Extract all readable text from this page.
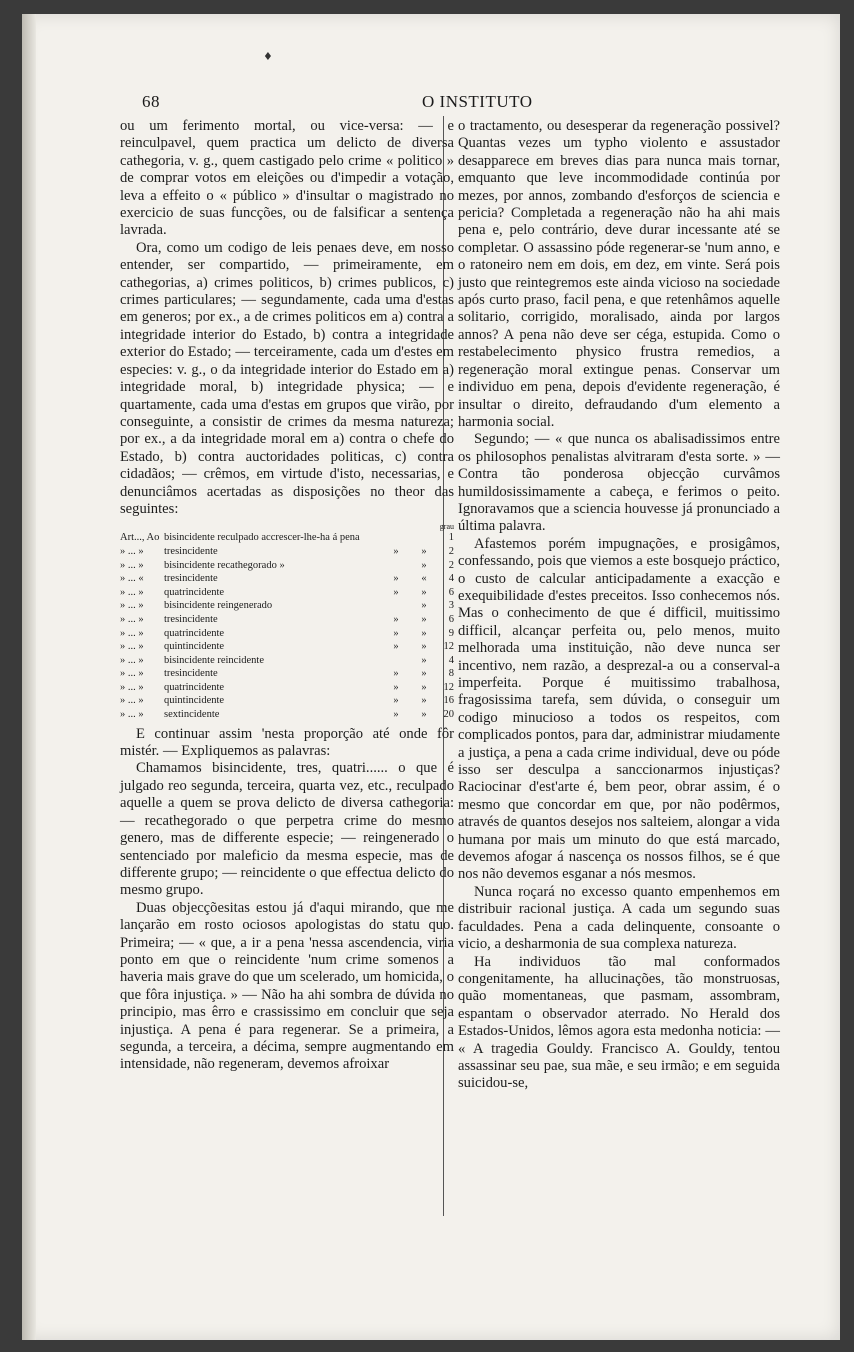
♦
68	O INSTITUTO

ou um ferimento mortal, ou vice-versa: — e reinculpavel, quem practica um delicto de diversa cathegoria, v. g., quem castigado pelo crime « politico » de comprar votos em eleições ou d'impedir a votação, leva a effeito o « público » d'insultar o magistrado no exercicio de suas funcções, ou de falsificar a sentença lavrada.

Ora, como um codigo de leis penaes deve, em nosso entender, ser compartido, — primeiramente, em cathegorias, a) crimes politicos, b) crimes publicos, c) crimes particulares; — segundamente, cada uma d'estas em generos; por ex., a de crimes politicos em a) contra a integridade interior do Estado, b) contra a integridade exterior do Estado; — terceiramente, cada um d'estes em especies: v. g., o da integridade interior do Estado em a) integridade moral, b) integridade physica; — e quartamente, cada uma d'estas em grupos que virão, por conseguinte, a consistir de crimes da mesma natureza; por ex., a da integridade moral em a) contra o chefe do Estado, b) contra auctoridades politicas, c) contra cidadãos; — crêmos, em virtude d'isto, necessarias, e denunciâmos acertadas as disposições no theor das seguintes:

grau
Art..., Ao	bisincidente reculpado accrescer-lhe-ha á pena			1
» ... »	tresincidente	»	»	2
» ... »	bisincidente recathegorado »		»	2
» ... «	tresincidente	»	«	4
» ... »	quatrincidente	»	»	6
» ... »	bisincidente reingenerado		»	3
» ... »	tresincidente	»	»	6
» ... »	quatrincidente	»	»	9
» ... »	quintincidente	»	»	12
» ... »	bisincidente reincidente		»	4
» ... »	tresincidente	»	»	8
» ... »	quatrincidente	»	»	12
» ... »	quintincidente	»	»	16
» ... »	sextincidente	»	»	20

E continuar assim 'nesta proporção até onde fôr mistér. — Expliquemos as palavras:

Chamamos bisincidente, tres, quatri...... o que é julgado reo segunda, terceira, quarta vez, etc., reculpado aquelle a quem se prova delicto de diversa cathegoria: — recathegorado o que perpetra crime do mesmo genero, mas de differente especie; — reingenerado o sentenciado por maleficio da mesma especie, mas de differente grupo; — reincidente o que effectua delicto do mesmo grupo.

Duas objecçõesitas estou já d'aqui mirando, que me lançarão em rosto ociosos apologistas do statu quo. Primeira; — « que, a ir a pena 'nessa ascendencia, viria ponto em que o reincidente 'num crime somenos a haveria mais grave do que um scelerado, um homicida, o que fôra injustiça. » — Não ha ahi sombra de dúvida no principio, mas êrro e crassissimo em concluir que seja injustiça. A pena é para regenerar. Se a primeira, a segunda, a terceira, a décima, sempre augmentando em intensidade, não regeneram, devemos afroixar

o tractamento, ou desesperar da regeneração possivel? Quantas vezes um typho violento e assustador desapparece em breves dias para nunca mais tornar, emquanto que leve incommodidade continúa por mezes, por annos, zombando d'esforços de sciencia e pericia? Completada a regeneração não ha ahi mais pena e, pelo contrário, deve durar incessante até se completar. O assassino póde regenerar-se 'num anno, e o ratoneiro nem em dois, em dez, em vinte. Será pois justo que reintegremos este ainda vicioso na sociedade após curto praso, facil pena, e que retenhâmos aquelle solitario, corrigido, moralisado, ainda por largos annos? A pena não deve ser céga, estupida. Como o restabelecimento physico frustra remedios, a regeneração moral extingue penas. Conservar um individuo em pena, depois d'evidente regeneração, é insultar o direito, defraudando d'um elemento a harmonia social.

Segundo; — « que nunca os abalisadissimos entre os philosophos penalistas alvitraram d'esta sorte. » — Contra tão ponderosa objecção curvâmos humildosissimamente a cabeça, e ferimos o peito. Ignoravamos que a sciencia houvesse já pronunciado a última palavra.

Afastemos porém impugnações, e prosigâmos, confessando, pois que viemos a este bosquejo práctico, o custo de calcular anticipadamente a exacção e exequibilidade d'estes preceitos. Isso conhecemos nós. Mas o conhecimento de que é difficil, muitissimo difficil, alcançar perfeita ou, pelo menos, muito melhorada uma instituição, não deve nunca ser incentivo, nem razão, a desprezal-a ou a conserval-a imperfeita. Porque é muitissimo trabalhosa, fragosissima tarefa, sem dúvida, o conseguir um codigo minucioso a todos os respeitos, com complicados pontos, para dar, administrar miudamente a justiça, a pena a cada crime individual, deve ou póde isso ser desculpa a sanccionarmos injustiças? Raciocinar d'est'arte é, bem peor, obrar assim, é o mesmo que concordar em que, por não podêrmos, através de quantos desejos nos salteiem, alongar a vida humana por mais um minuto do que está marcado, devemos afogar á nascença os nossos filhos, se é que nos não devemos esganar a nós mesmos.

Nunca roçará no excesso quanto empenhemos em distribuir racional justiça. A cada um segundo suas faculdades. Pena a cada delinquente, consoante o vicio, a desharmonia de sua complexa natureza.

Ha individuos tão mal conformados congenitamente, ha allucinações, tão monstruosas, quão momentaneas, que pasmam, assombram, espantam o observador aterrado. No Herald dos Estados-Unidos, lêmos agora esta medonha noticia: — « A tragedia Gouldy. Francisco A. Gouldy, tentou assassinar seu pae, sua mãe, e seu irmão; e em seguida suicidou-se,
